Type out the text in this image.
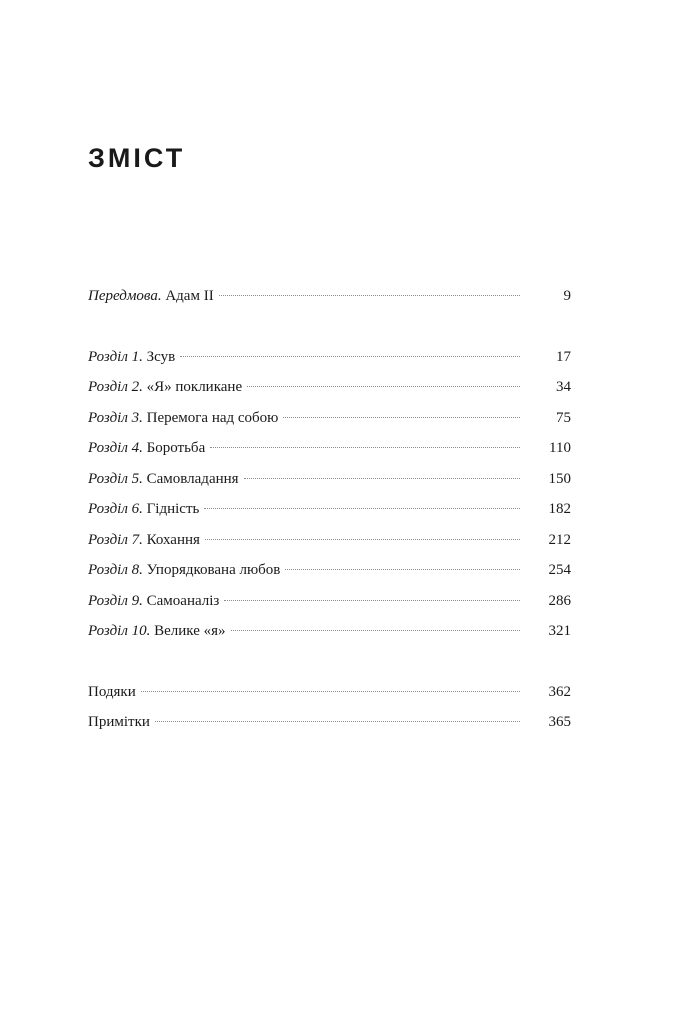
ЗМІСТ
Передмова. Адам II	9
Розділ 1. Зсув	17
Розділ 2. «Я» покликане	34
Розділ 3. Перемога над собою	75
Розділ 4. Боротьба	110
Розділ 5. Самовладання	150
Розділ 6. Гідність	182
Розділ 7. Кохання	212
Розділ 8. Упорядкована любов	254
Розділ 9. Самоаналіз	286
Розділ 10. Велике «я»	321
Подяки	362
Примітки	365
